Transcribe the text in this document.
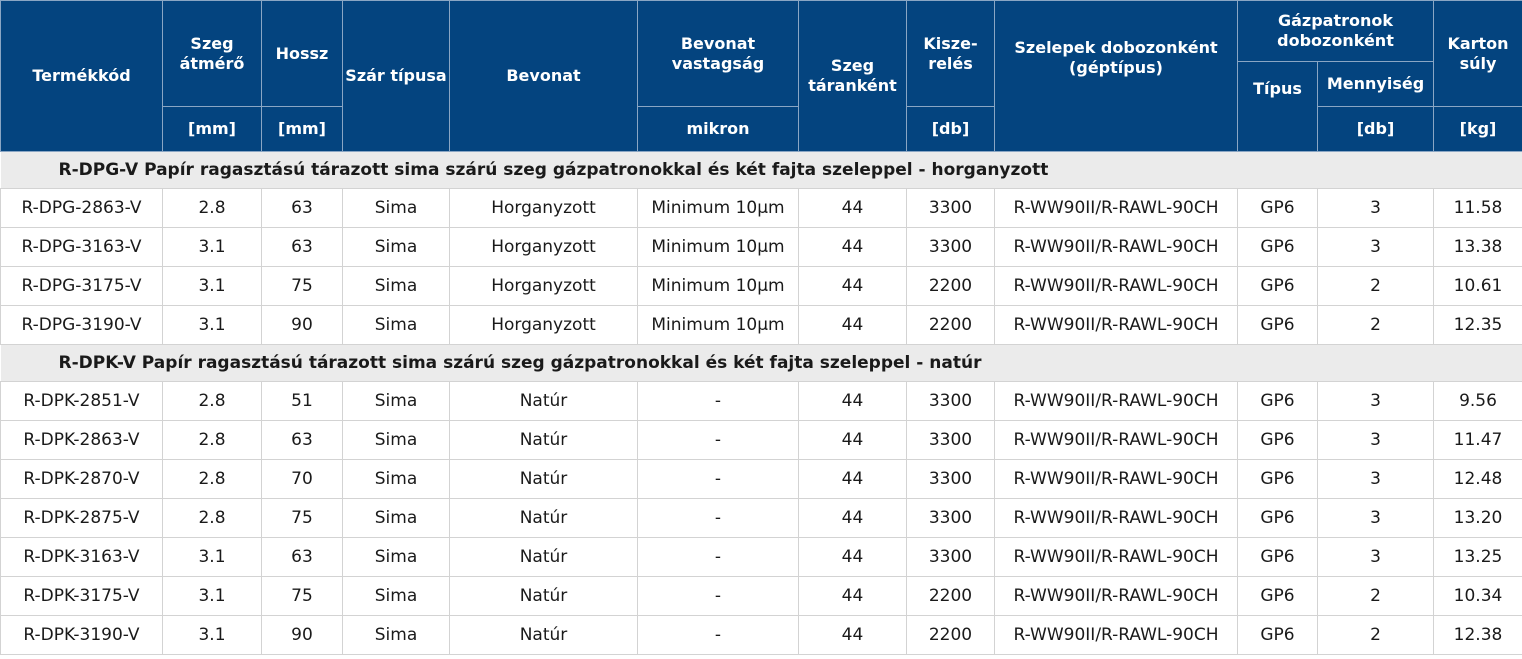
Termékkód	Szeg átmérő	Hossz	Szár típusa	Bevonat	Bevonat vastagság	Szeg táranként	Kisze-relés	Szelepek dobozonként (géptípus)	Gázpatronok dobozonként		Karton súly

									Típus	Mennyiség	
	[mm]	[mm]			mikron		[db]			[db]	[kg]
R-DPG-V Papír ragasztású tárazott sima szárú szeg gázpatronokkal és két fajta szeleppel - horganyzott											
R-DPG-2863-V	2.8	63	Sima	Horganyzott	Minimum 10µm	44	3300	R-WW90II/R-RAWL-90CH	GP6	3	11.58
R-DPG-3163-V	3.1	63	Sima	Horganyzott	Minimum 10µm	44	3300	R-WW90II/R-RAWL-90CH	GP6	3	13.38
R-DPG-3175-V	3.1	75	Sima	Horganyzott	Minimum 10µm	44	2200	R-WW90II/R-RAWL-90CH	GP6	2	10.61
R-DPG-3190-V	3.1	90	Sima	Horganyzott	Minimum 10µm	44	2200	R-WW90II/R-RAWL-90CH	GP6	2	12.35
R-DPK-V Papír ragasztású tárazott sima szárú szeg gázpatronokkal és két fajta szeleppel - natúr											
R-DPK-2851-V	2.8	51	Sima	Natúr	-	44	3300	R-WW90II/R-RAWL-90CH	GP6	3	9.56
R-DPK-2863-V	2.8	63	Sima	Natúr	-	44	3300	R-WW90II/R-RAWL-90CH	GP6	3	11.47
R-DPK-2870-V	2.8	70	Sima	Natúr	-	44	3300	R-WW90II/R-RAWL-90CH	GP6	3	12.48
R-DPK-2875-V	2.8	75	Sima	Natúr	-	44	3300	R-WW90II/R-RAWL-90CH	GP6	3	13.20
R-DPK-3163-V	3.1	63	Sima	Natúr	-	44	3300	R-WW90II/R-RAWL-90CH	GP6	3	13.25
R-DPK-3175-V	3.1	75	Sima	Natúr	-	44	2200	R-WW90II/R-RAWL-90CH	GP6	2	10.34
R-DPK-3190-V	3.1	90	Sima	Natúr	-	44	2200	R-WW90II/R-RAWL-90CH	GP6	2	12.38
